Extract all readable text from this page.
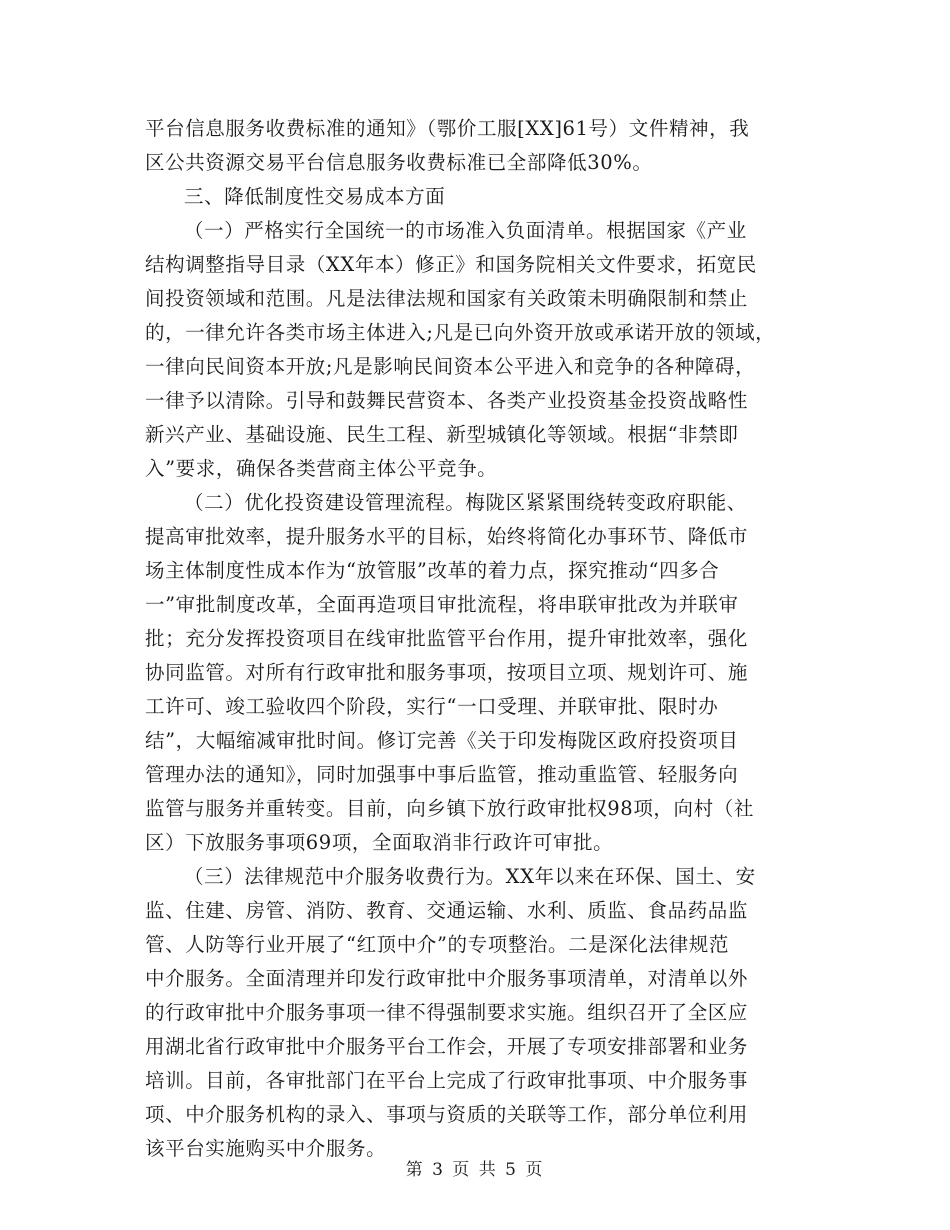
平台信息服务收费标准的通知》（鄂价工服[XX]61号）文件精神，我
区公共资源交易平台信息服务收费标准已全部降低30%。
三、降低制度性交易成本方面
（一）严格实行全国统一的市场准入负面清单。根据国家《产业
结构调整指导目录（XX年本）修正》和国务院相关文件要求，拓宽民
间投资领域和范围。凡是法律法规和国家有关政策未明确限制和禁止
的，一律允许各类市场主体进入;凡是已向外资开放或承诺开放的领域，
一律向民间资本开放;凡是影响民间资本公平进入和竞争的各种障碍，
一律予以清除。引导和鼓舞民营资本、各类产业投资基金投资战略性
新兴产业、基础设施、民生工程、新型城镇化等领域。根据“非禁即
入”要求，确保各类营商主体公平竞争。
（二）优化投资建设管理流程。梅陇区紧紧围绕转变政府职能、
提高审批效率，提升服务水平的目标，始终将简化办事环节、降低市
场主体制度性成本作为“放管服”改革的着力点，探究推动“四多合
一”审批制度改革，全面再造项目审批流程，将串联审批改为并联审
批；充分发挥投资项目在线审批监管平台作用，提升审批效率，强化
协同监管。对所有行政审批和服务事项，按项目立项、规划许可、施
工许可、竣工验收四个阶段，实行“一口受理、并联审批、限时办
结”，大幅缩减审批时间。修订完善《关于印发梅陇区政府投资项目
管理办法的通知》，同时加强事中事后监管，推动重监管、轻服务向
监管与服务并重转变。目前，向乡镇下放行政审批权98项，向村（社
区）下放服务事项69项，全面取消非行政许可审批。
（三）法律规范中介服务收费行为。XX年以来在环保、国土、安
监、住建、房管、消防、教育、交通运输、水利、质监、食品药品监
管、人防等行业开展了“红顶中介”的专项整治。二是深化法律规范
中介服务。全面清理并印发行政审批中介服务事项清单，对清单以外
的行政审批中介服务事项一律不得强制要求实施。组织召开了全区应
用湖北省行政审批中介服务平台工作会，开展了专项安排部署和业务
培训。目前，各审批部门在平台上完成了行政审批事项、中介服务事
项、中介服务机构的录入、事项与资质的关联等工作，部分单位利用
该平台实施购买中介服务。
第 3 页 共 5 页
